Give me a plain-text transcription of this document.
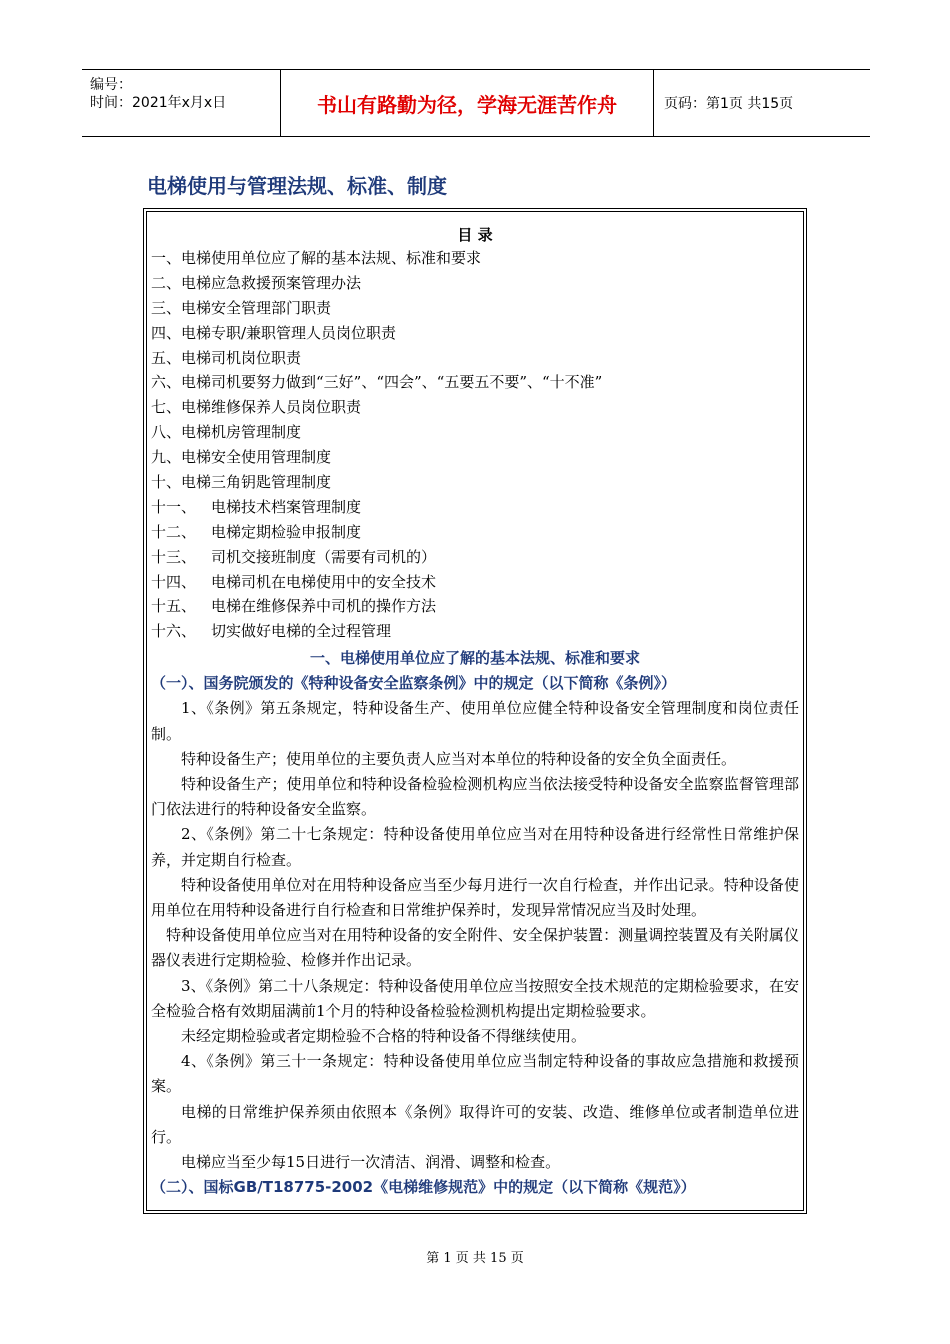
编号：
时间：2021年x月x日	书山有路勤为径，学海无涯苦作舟	页码：第1页 共15页
电梯使用与管理法规、标准、制度
目 录
一、电梯使用单位应了解的基本法规、标准和要求
二、电梯应急救援预案管理办法
三、电梯安全管理部门职责
四、电梯专职/兼职管理人员岗位职责
五、电梯司机岗位职责
六、电梯司机要努力做到“三好”、“四会”、“五要五不要”、“十不准”
七、电梯维修保养人员岗位职责
八、电梯机房管理制度
九、电梯安全使用管理制度
十、电梯三角钥匙管理制度
十一、 电梯技术档案管理制度
十二、 电梯定期检验申报制度
十三、 司机交接班制度（需要有司机的）
十四、 电梯司机在电梯使用中的安全技术
十五、 电梯在维修保养中司机的操作方法
十六、 切实做好电梯的全过程管理
一、电梯使用单位应了解的基本法规、标准和要求
（一）、国务院颁发的《特种设备安全监察条例》中的规定（以下简称《条例》）

1、《条例》第五条规定，特种设备生产、使用单位应健全特种设备安全管理制度和岗位责任制。

特种设备生产；使用单位的主要负责人应当对本单位的特种设备的安全负全面责任。

特种设备生产；使用单位和特种设备检验检测机构应当依法接受特种设备安全监察监督管理部门依法进行的特种设备安全监察。

2、《条例》第二十七条规定：特种设备使用单位应当对在用特种设备进行经常性日常维护保养，并定期自行检查。

特种设备使用单位对在用特种设备应当至少每月进行一次自行检查，并作出记录。特种设备使用单位在用特种设备进行自行检查和日常维护保养时，发现异常情况应当及时处理。

特种设备使用单位应当对在用特种设备的安全附件、安全保护装置：测量调控装置及有关附属仪器仪表进行定期检验、检修并作出记录。

3、《条例》第二十八条规定：特种设备使用单位应当按照安全技术规范的定期检验要求，在安全检验合格有效期届满前1个月的特种设备检验检测机构提出定期检验要求。

未经定期检验或者定期检验不合格的特种设备不得继续使用。

4、《条例》第三十一条规定：特种设备使用单位应当制定特种设备的事故应急措施和救援预案。

电梯的日常维护保养须由依照本《条例》取得许可的安装、改造、维修单位或者制造单位进行。

电梯应当至少每15日进行一次清洁、润滑、调整和检查。

（二）、国标GB/T18775-2002《电梯维修规范》中的规定（以下简称《规范》）
第 1 页 共 15 页
